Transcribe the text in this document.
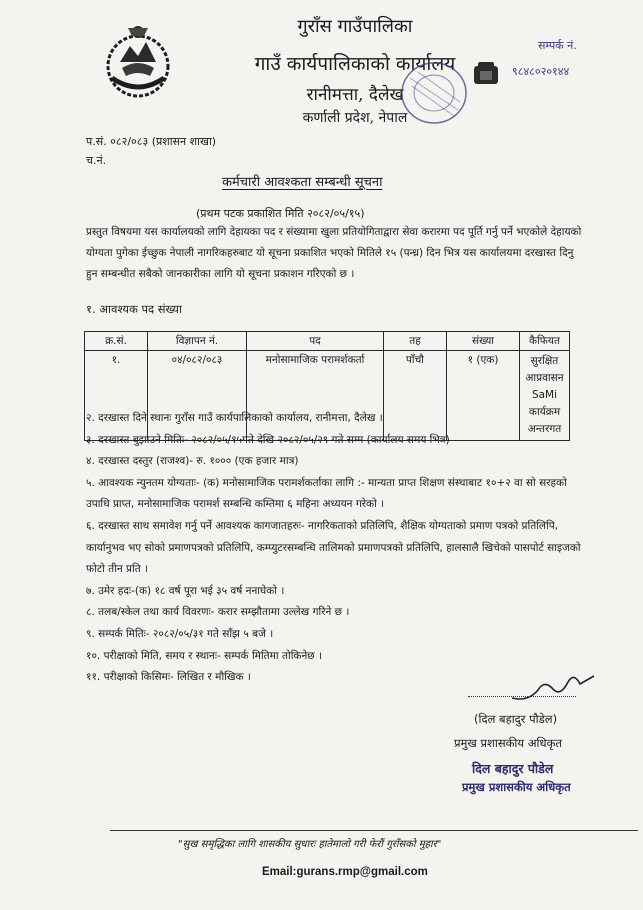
गुराँस गाउँपालिका
गाउँ कार्यपालिकाको कार्यालय
रानीमत्ता, दैलेख
कर्णाली प्रदेश, नेपाल
सम्पर्क नं.
९८४८०२०१४४
प.सं. ०८२/०८३ (प्रशासन शाखा)
च.नं.
कर्मचारी आवश्कता सम्बन्धी सूचना
(प्रथम पटक प्रकाशित मिति २०८२/०५/१५)
प्रस्तुत विषयमा यस कार्यालयको लागि देहायका पद र संख्यामा खुला प्रतियोगिताद्वारा सेवा करारमा पद पूर्ति गर्नु पर्ने भएकोले देहायको योग्यता पुगेका ईच्छुक नेपाली नागरिकहरुबाट यो सूचना प्रकाशित भएको मितिले १५ (पन्ध्र) दिन भित्र यस कार्यालयमा दरखास्त दिनु हुन सम्बन्धीत सबैको जानकारीका लागि यो सूचना प्रकाशन गरिएको छ ।
१. आवश्यक पद संख्या
क्र.सं.	विज्ञापन नं.	पद	तह	संख्या	कैफियत
१.	०४/०८२/०८३	मनोसामाजिक परामर्शकर्ता	पाँचौ	१ (एक)	सुरक्षित आप्रवासन SaMi कार्यक्रम अन्तरगत
२. दरखास्त दिने स्थानः गुराँस गाउँ कार्यपालिकाको कार्यालय, रानीमत्ता, दैलेख ।
३. दरखास्त बुझाउने मितिः- २०८२/०५/१५गते देखि २०८२/०५/२९ गते सम्म (कार्यालय समय भित्र)
४. दरखास्त दस्तुर (राजश्व)- रु. १००० (एक हजार मात्र)
५. आवश्यक न्युनतम योग्यताः- (क) मनोसामाजिक परामर्शकर्ताका लागि :- मान्यता प्राप्त शिक्षण संस्थाबाट १०+२ वा सो सरहको उपाधि प्राप्त, मनोसामाजिक परामर्श सम्बन्धि कम्तिमा ६ महिना अध्ययन गरेको ।
६. दरखास्त साथ समावेश गर्नु पर्ने आवश्यक कागजातहरुः- नागरिकताको प्रतिलिपि, शैक्षिक योग्यताको प्रमाण पत्रको प्रतिलिपि, कार्यानुभव भए सोको प्रमाणपत्रको प्रतिलिपि, कम्प्युटरसम्बन्धि तालिमको प्रमाणपत्रको प्रतिलिपि, हालसालै खिचेको पासपोर्ट साइजको फोटो तीन प्रति ।
७. उमेर हदः-(क) १८ वर्ष पूरा भई ३५ वर्ष ननाघेको ।
८. तलब/स्केल तथा कार्य विवरणः- करार सम्झौतामा उल्लेख गरिने छ ।
९. सम्पर्क मितिः- २०८२/०५/३१ गते साँझ ५ बजे ।
१०. परीक्षाको मिति, समय र स्थानः- सम्पर्क मितिमा तोकिनेछ ।
११. परीक्षाको किसिमः- लिखित र मौखिक ।
(दिल बहादुर पौडेल)
प्रमुख प्रशासकीय अधिकृत
दिल बहादुर पौडेल
प्रमुख प्रशासकीय अधिकृत
"सुख समृद्धिका लागि शासकीय सुधारः हातेमालो गरी फेरौं गुराँसको मुहार"
Email:gurans.rmp@gmail.com
